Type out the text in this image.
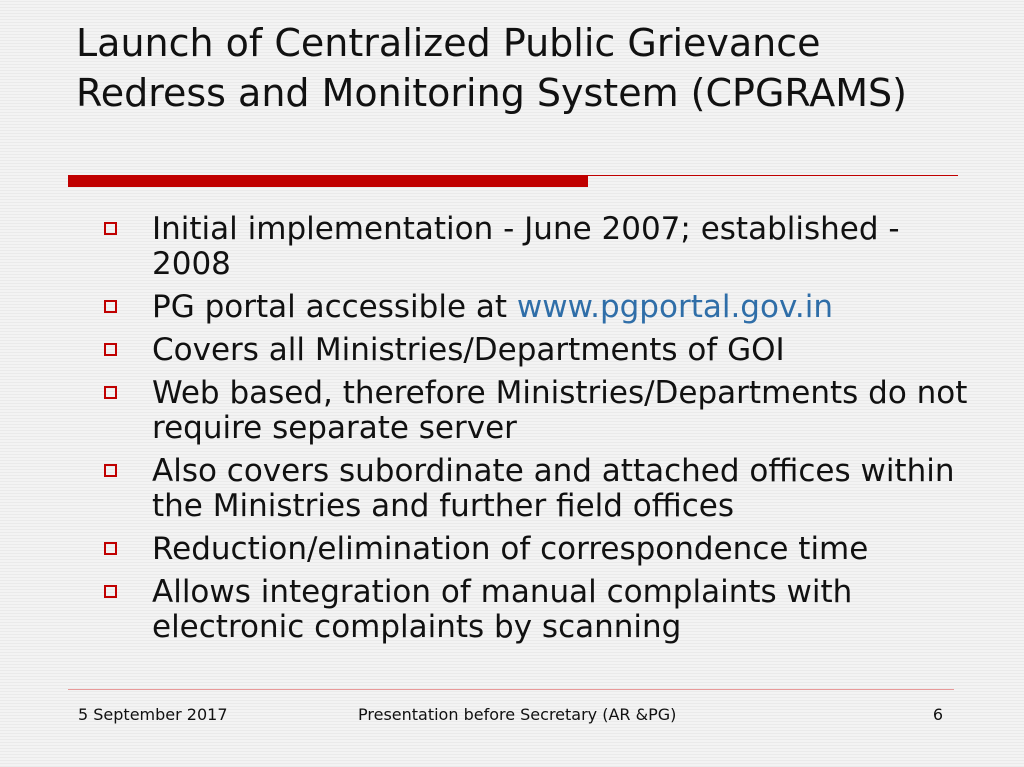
Launch of Centralized Public Grievance Redress and Monitoring System (CPGRAMS)
Initial implementation - June 2007; established - 2008
PG portal accessible at www.pgportal.gov.in
Covers all Ministries/Departments of GOI
Web based, therefore Ministries/Departments do not require separate server
Also covers subordinate and attached offices within the Ministries and further field offices
Reduction/elimination of correspondence time
Allows integration of manual complaints with electronic complaints by scanning
5 September 2017	Presentation before Secretary (AR &PG)	6
